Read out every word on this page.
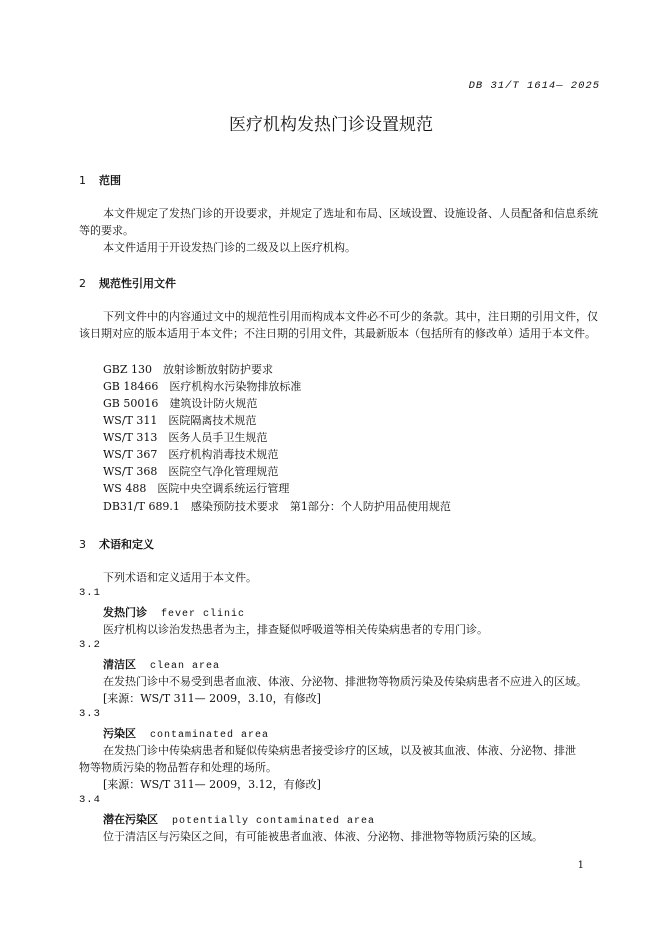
DB 31/T 1614— 2025
医疗机构发热门诊设置规范
1 范围
本文件规定了发热门诊的开设要求，并规定了选址和布局、区域设置、设施设备、人员配备和信息系统等的要求。
本文件适用于开设发热门诊的二级及以上医疗机构。
2 规范性引用文件
下列文件中的内容通过文中的规范性引用而构成本文件必不可少的条款。其中，注日期的引用文件，仅该日期对应的版本适用于本文件；不注日期的引用文件，其最新版本（包括所有的修改单）适用于本文件。
GBZ 130　放射诊断放射防护要求
GB 18466　医疗机构水污染物排放标准
GB 50016　建筑设计防火规范
WS/T 311　医院隔离技术规范
WS/T 313　医务人员手卫生规范
WS/T 367　医疗机构消毒技术规范
WS/T 368　医院空气净化管理规范
WS 488　医院中央空调系统运行管理
DB31/T 689.1　感染预防技术要求　第1部分：个人防护用品使用规范
3 术语和定义
下列术语和定义适用于本文件。
3.1
发热门诊 fever clinic
医疗机构以诊治发热患者为主，排查疑似呼吸道等相关传染病患者的专用门诊。
3.2
清洁区 clean area
在发热门诊中不易受到患者血液、体液、分泌物、排泄物等物质污染及传染病患者不应进入的区域。
[来源：WS/T 311— 2009，3.10，有修改]
3.3
污染区 contaminated area
在发热门诊中传染病患者和疑似传染病患者接受诊疗的区域，以及被其血液、体液、分泌物、排泄
物等物质污染的物品暂存和处理的场所。
[来源：WS/T 311— 2009，3.12，有修改]
3.4
潜在污染区 potentially contaminated area
位于清洁区与污染区之间，有可能被患者血液、体液、分泌物、排泄物等物质污染的区域。
1
